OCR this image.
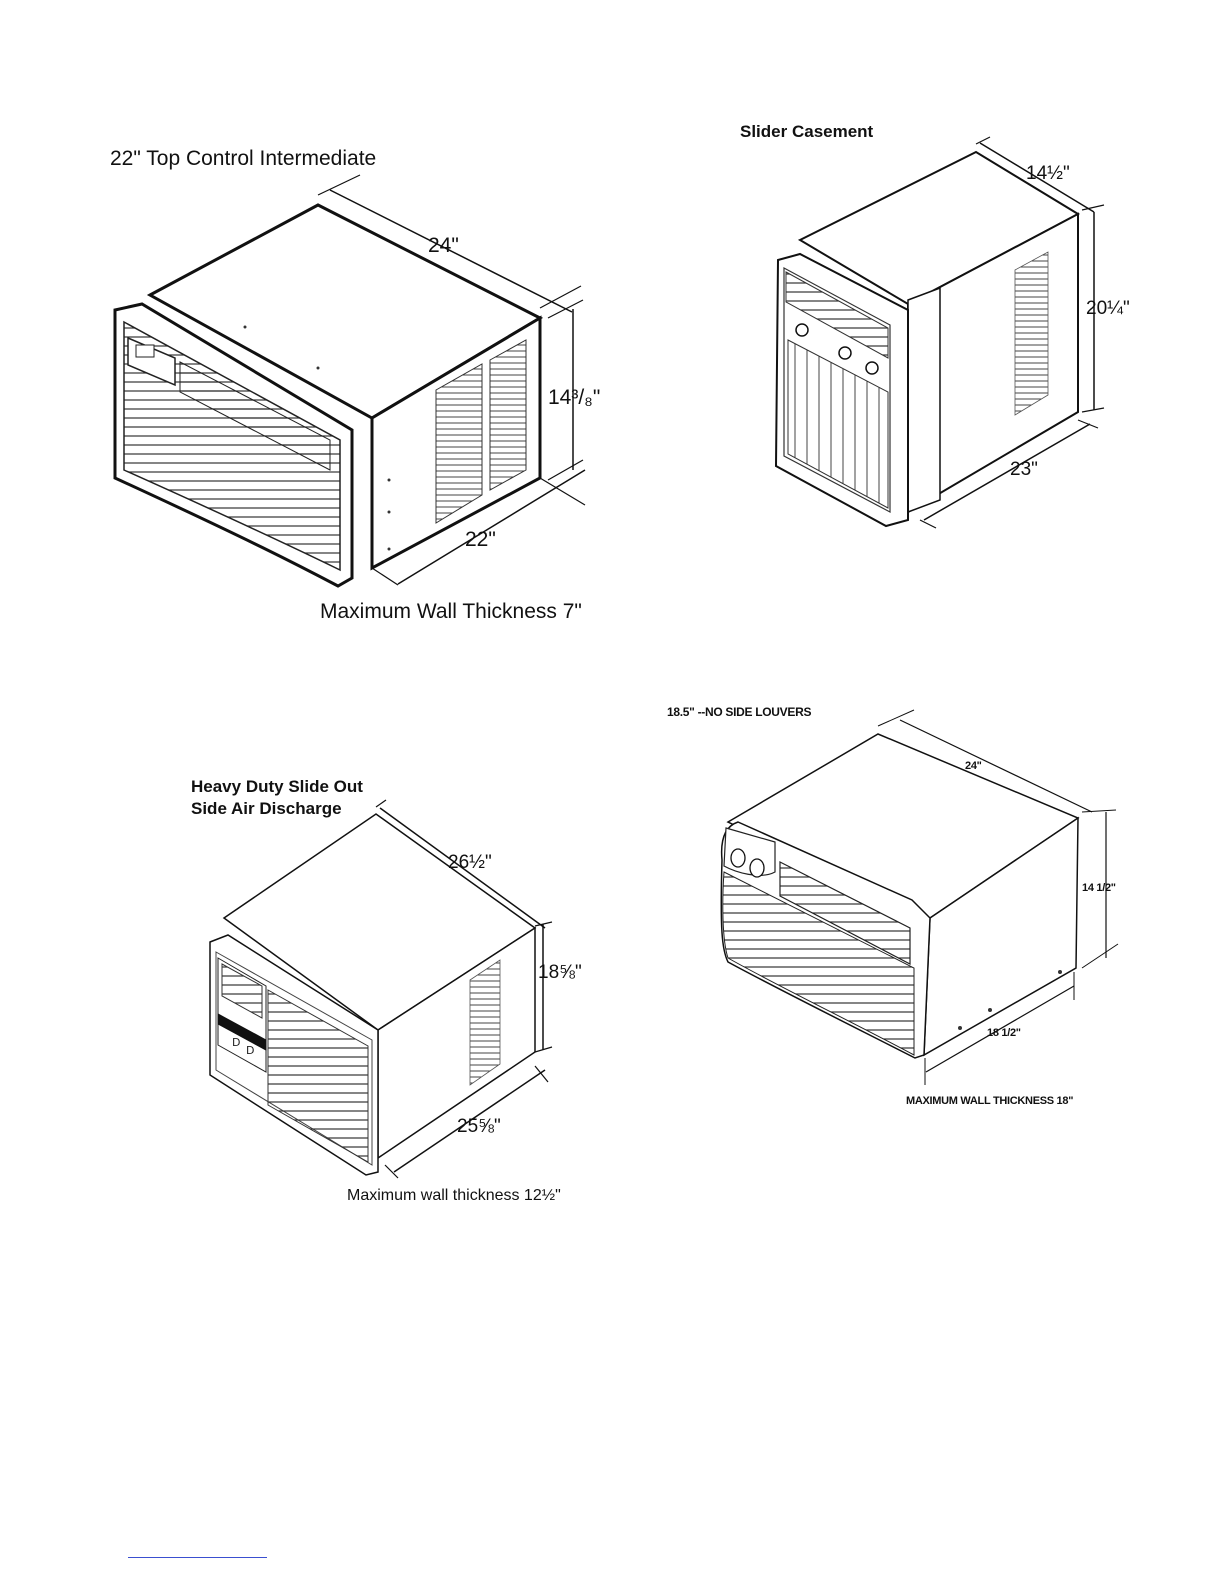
D
D
22" Top Control Intermediate
24"
14³/₈"
22"
Maximum Wall Thickness 7"
Slider Casement
14½"
20¼"
23"
Heavy Duty Slide Out
Side Air Discharge
26½"
18⅝"
25⅝"
Maximum wall thickness 12½"
18.5" --NO SIDE LOUVERS
24"
14 1/2"
18 1/2"
MAXIMUM WALL THICKNESS 18"
